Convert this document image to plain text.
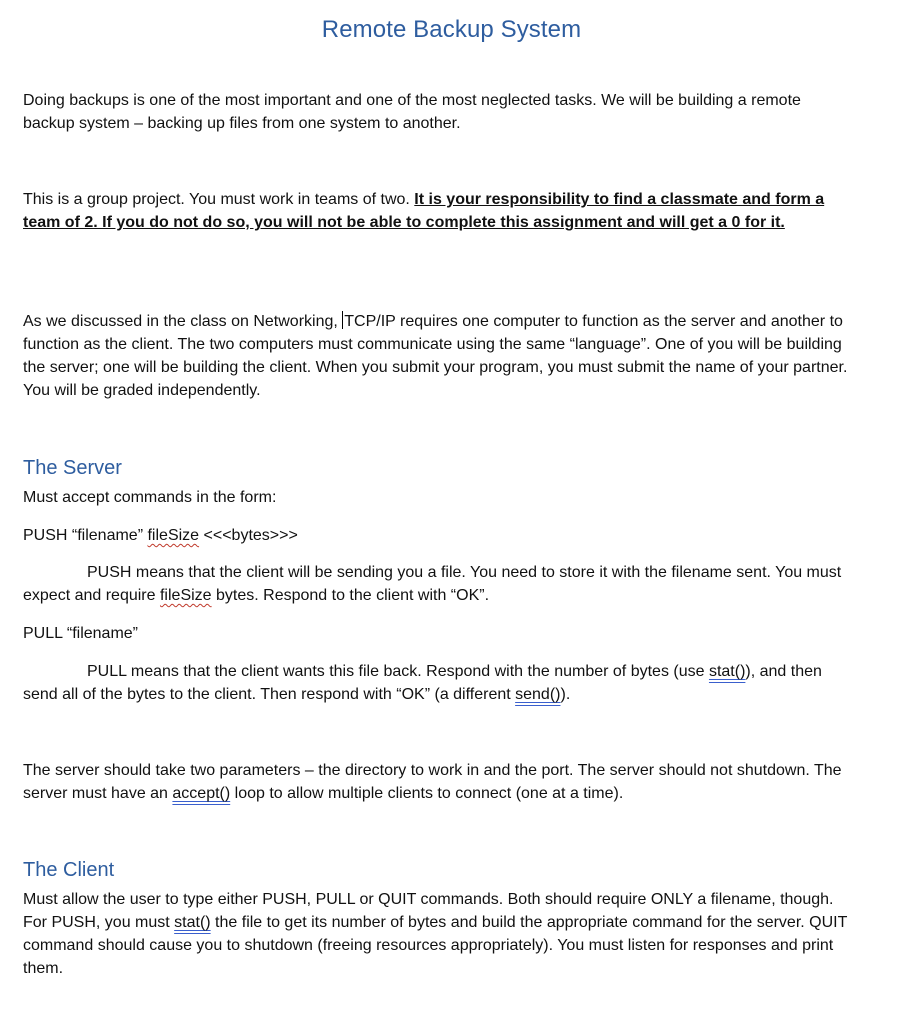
Remote Backup System

Doing backups is one of the most important and one of the most neglected tasks. We will be building a remote backup system – backing up files from one system to another.

This is a group project. You must work in teams of two. It is your responsibility to find a classmate and form a team of 2. If you do not do so, you will not be able to complete this assignment and will get a 0 for it.

As we discussed in the class on Networking, TCP/IP requires one computer to function as the server and another to function as the client. The two computers must communicate using the same “language”. One of you will be building the server; one will be building the client. When you submit your program, you must submit the name of your partner. You will be graded independently.

The Server

Must accept commands in the form:

PUSH “filename” fileSize <<<bytes>>>

PUSH means that the client will be sending you a file. You need to store it with the filename sent. You must expect and require fileSize bytes. Respond to the client with “OK”.

PULL “filename”

PULL means that the client wants this file back. Respond with the number of bytes (use stat()), and then send all of the bytes to the client. Then respond with “OK” (a different send()).

The server should take two parameters – the directory to work in and the port. The server should not shutdown. The server must have an accept() loop to allow multiple clients to connect (one at a time).

The Client

Must allow the user to type either PUSH, PULL or QUIT commands. Both should require ONLY a filename, though. For PUSH, you must stat() the file to get its number of bytes and build the appropriate command for the server. QUIT command should cause you to shutdown (freeing resources appropriately). You must listen for responses and print them.
